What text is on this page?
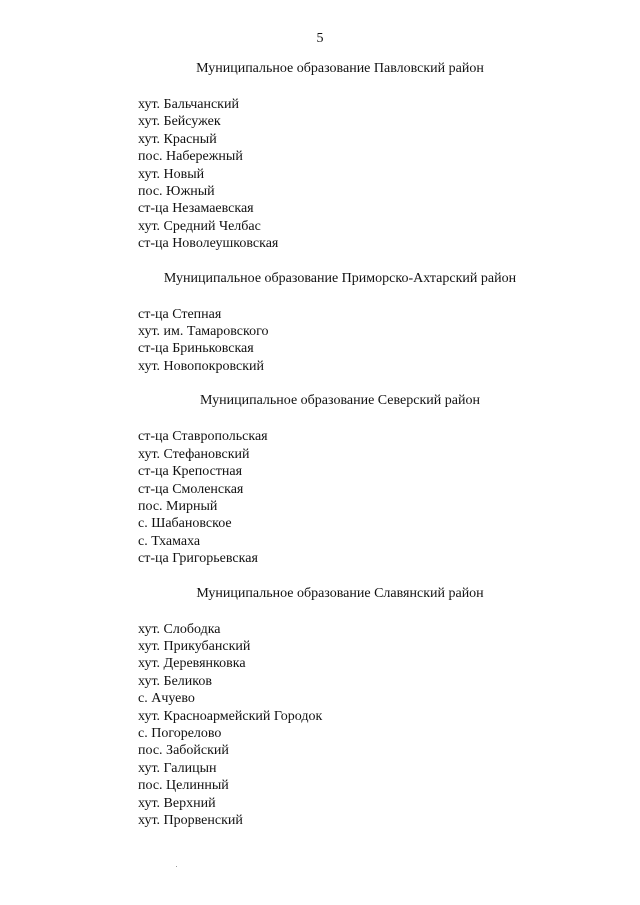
5
Муниципальное образование Павловский район
хут. Бальчанский
хут. Бейсужек
хут. Красный
пос. Набережный
хут. Новый
пос. Южный
ст-ца Незамаевская
хут. Средний Челбас
ст-ца Новолеушковская
Муниципальное образование Приморско-Ахтарский район
ст-ца Степная
хут. им. Тамаровского
ст-ца Бриньковская
хут. Новопокровский
Муниципальное образование Северский район
ст-ца Ставропольская
хут. Стефановский
ст-ца Крепостная
ст-ца Смоленская
пос. Мирный
с. Шабановское
с. Тхамаха
ст-ца Григорьевская
Муниципальное образование Славянский район
хут. Слободка
хут. Прикубанский
хут. Деревянковка
хут. Беликов
с. Ачуево
хут. Красноармейский Городок
с. Погорелово
пос. Забойский
хут. Галицын
пос. Целинный
хут. Верхний
хут. Прорвенский
